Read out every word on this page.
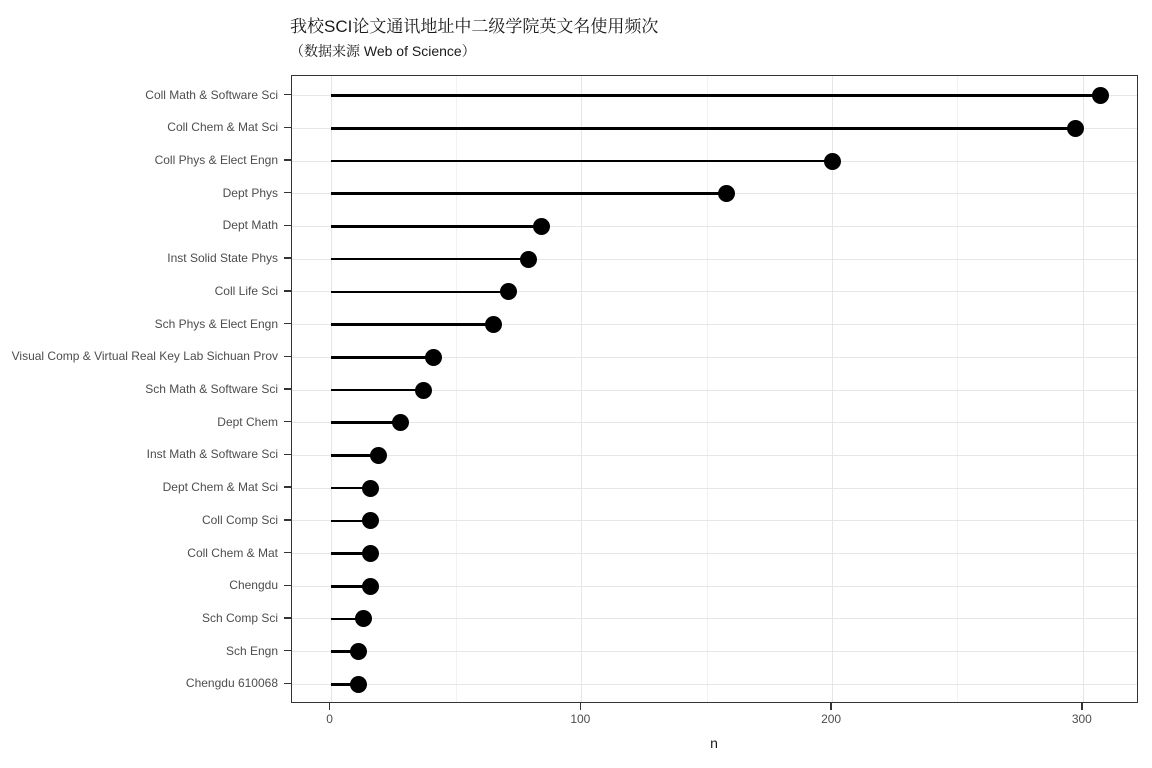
我校SCI论文通讯地址中二级学院英文名使用频次
（数据来源 Web of Science）
n
Coll Math & Software Sci
Coll Chem & Mat Sci
Coll Phys & Elect Engn
Dept Phys
Dept Math
Inst Solid State Phys
Coll Life Sci
Sch Phys & Elect Engn
Visual Comp & Virtual Real Key Lab Sichuan Prov
Sch Math & Software Sci
Dept Chem
Inst Math & Software Sci
Dept Chem & Mat Sci
Coll Comp Sci
Coll Chem & Mat
Chengdu
Sch Comp Sci
Sch Engn
Chengdu 610068
0	100	200	300
